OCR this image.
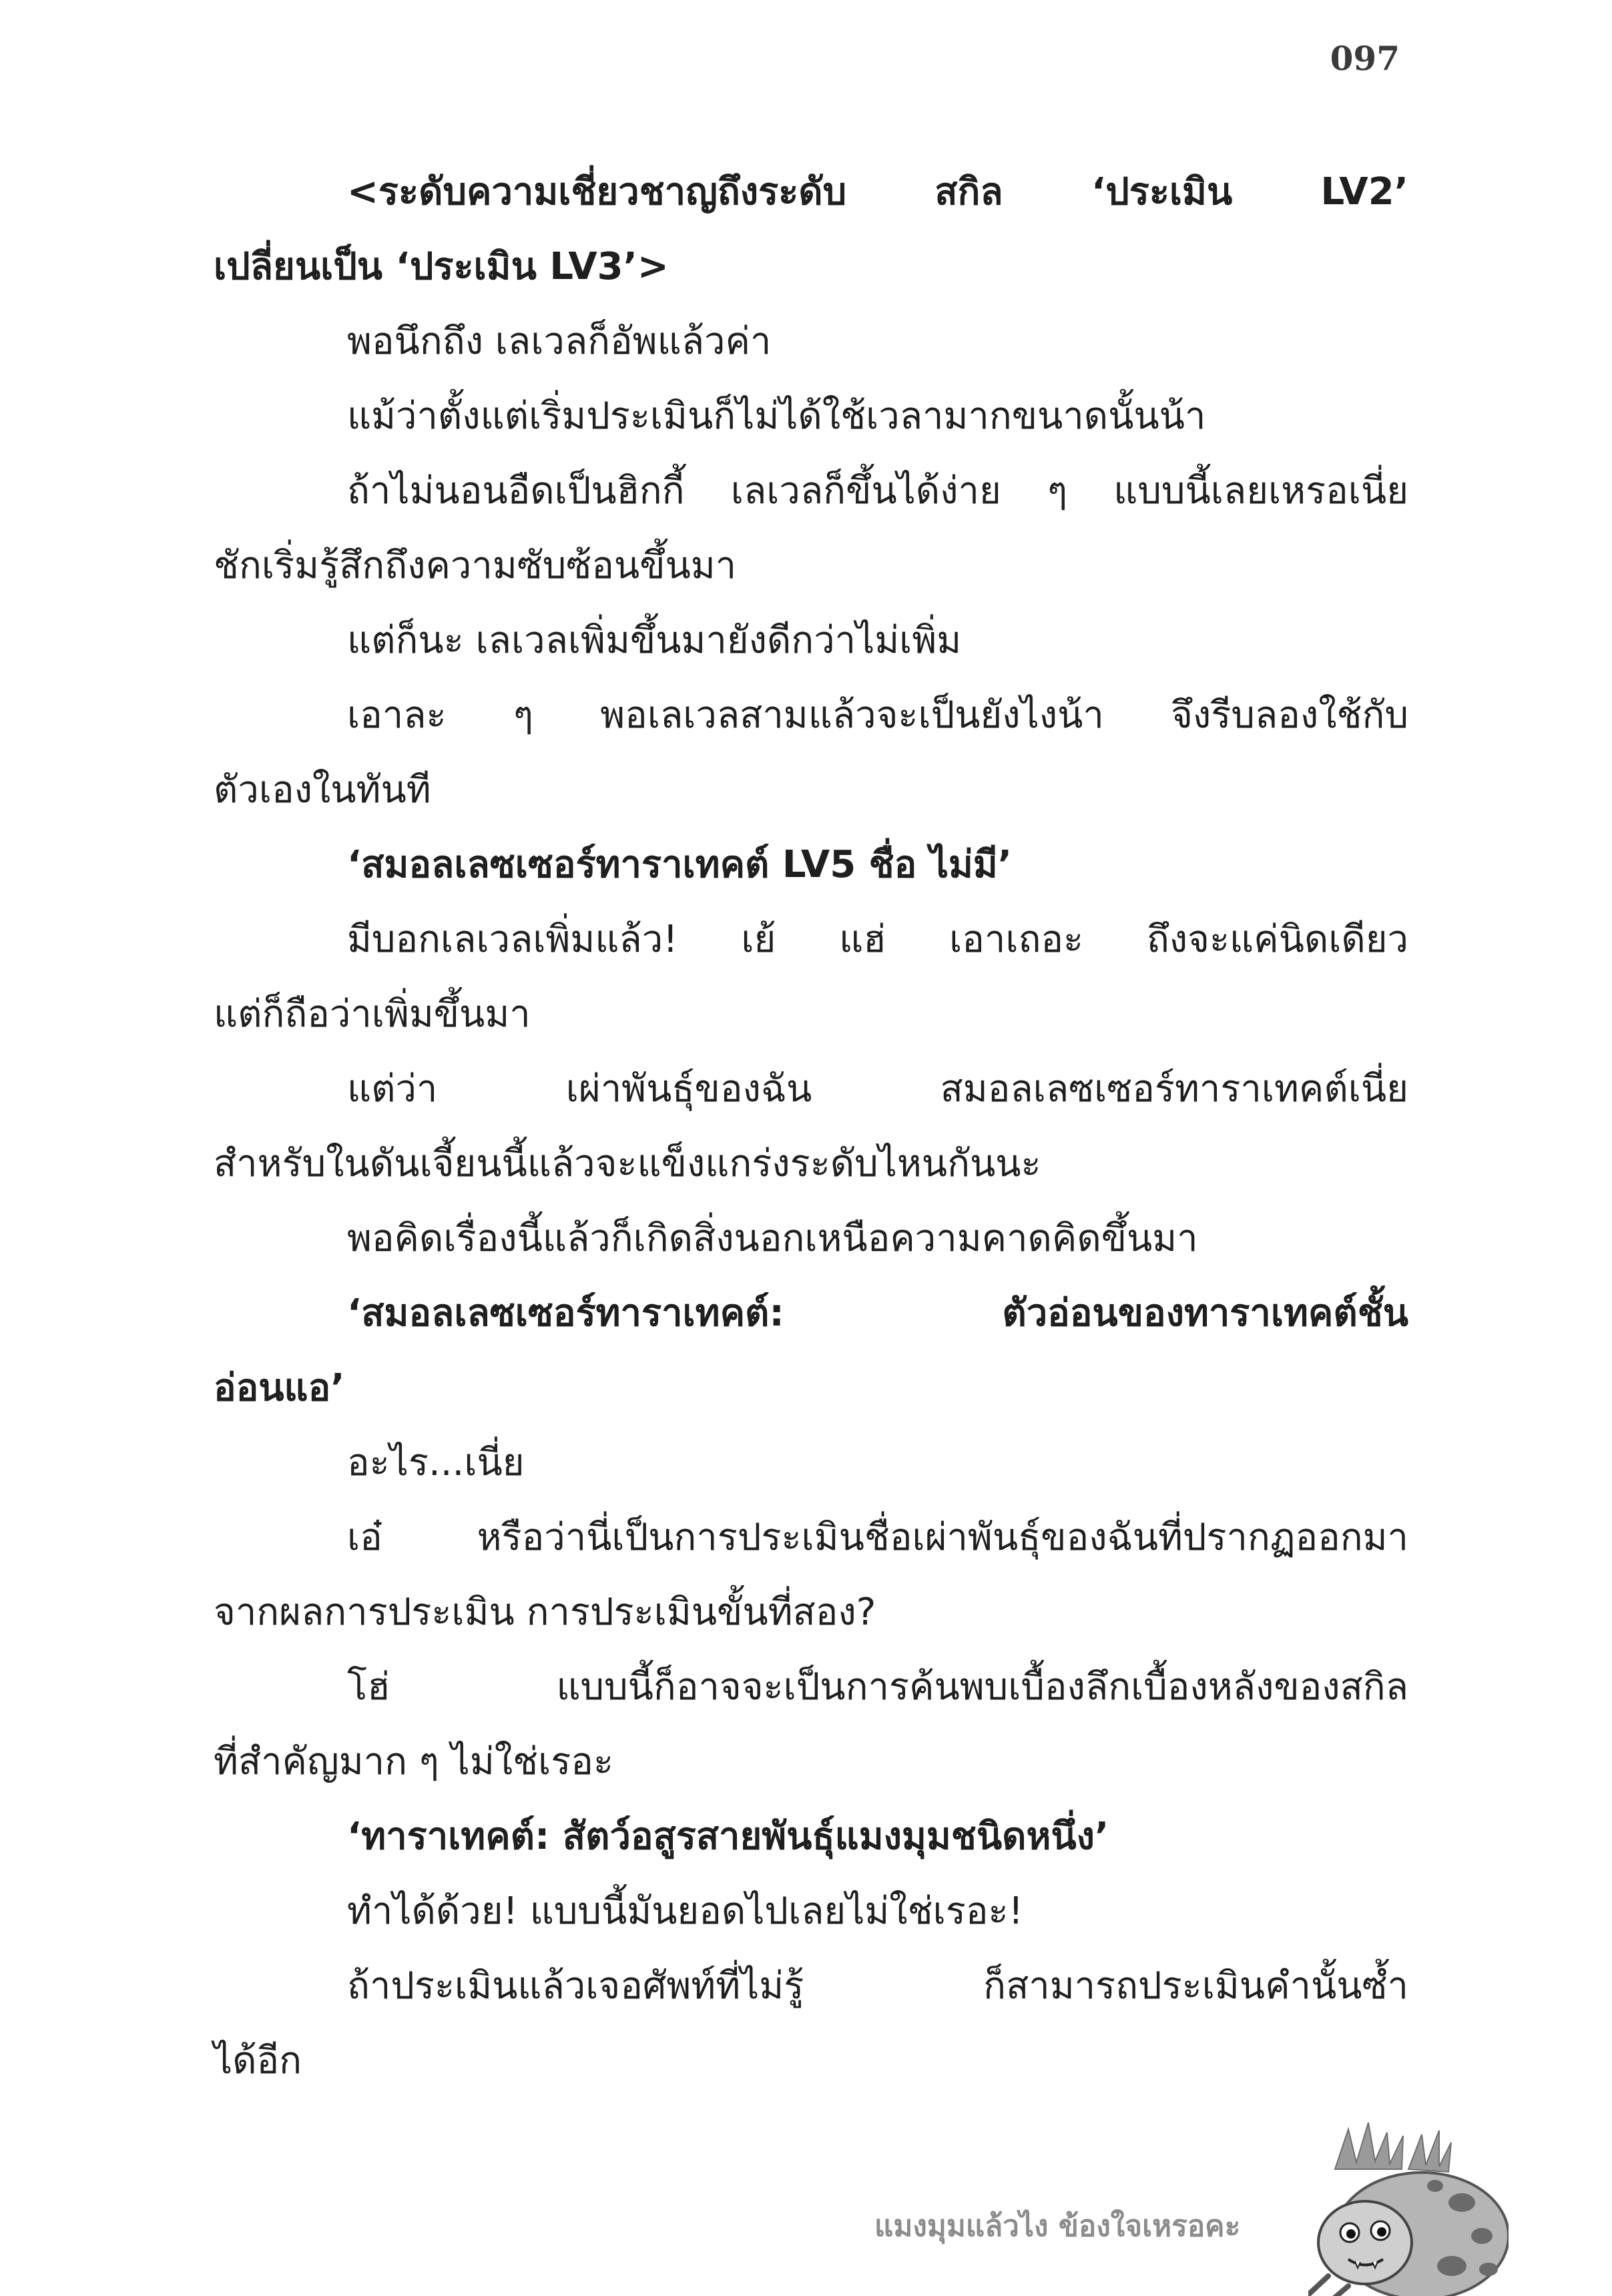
097
<ระดับความเชี่ยวชาญถึงระดับ สกิล ‘ประเมิน LV2’
เปลี่ยนเป็น ‘ประเมิน LV3’>
พอนึกถึง เลเวลก็อัพแล้วค่า
แม้ว่าตั้งแต่เริ่มประเมินก็ไม่ได้ใช้เวลามากขนาดนั้นน้า
ถ้าไม่นอนอืดเป็นฮิกกี้ เลเวลก็ขึ้นได้ง่าย ๆ แบบนี้เลยเหรอเนี่ย
ชักเริ่มรู้สึกถึงความซับซ้อนขึ้นมา
แต่ก็นะ เลเวลเพิ่มขึ้นมายังดีกว่าไม่เพิ่ม
เอาละ ๆ พอเลเวลสามแล้วจะเป็นยังไงน้า จึงรีบลองใช้กับ
ตัวเองในทันที
‘สมอลเลซเซอร์ทาราเทคต์ LV5 ชื่อ ไม่มี’
มีบอกเลเวลเพิ่มแล้ว! เย้ แฮ่ เอาเถอะ ถึงจะแค่นิดเดียว
แต่ก็ถือว่าเพิ่มขึ้นมา
แต่ว่า เผ่าพันธุ์ของฉัน สมอลเลซเซอร์ทาราเทคต์เนี่ย
สำหรับในดันเจี้ยนนี้แล้วจะแข็งแกร่งระดับไหนกันนะ
พอคิดเรื่องนี้แล้วก็เกิดสิ่งนอกเหนือความคาดคิดขึ้นมา
‘สมอลเลซเซอร์ทาราเทคต์: ตัวอ่อนของทาราเทคต์ชั้น
อ่อนแอ’
อะไร...เนี่ย
เอ๋ หรือว่านี่เป็นการประเมินชื่อเผ่าพันธุ์ของฉันที่ปรากฏออกมา
จากผลการประเมิน การประเมินขั้นที่สอง?
โฮ่ แบบนี้ก็อาจจะเป็นการค้นพบเบื้องลึกเบื้องหลังของสกิล
ที่สำคัญมาก ๆ ไม่ใช่เรอะ
‘ทาราเทคต์: สัตว์อสูรสายพันธุ์แมงมุมชนิดหนึ่ง’
ทำได้ด้วย! แบบนี้มันยอดไปเลยไม่ใช่เรอะ!
ถ้าประเมินแล้วเจอศัพท์ที่ไม่รู้ ก็สามารถประเมินคำนั้นซ้ำ
ได้อีก
แมงมุมแล้วไง ข้องใจเหรอคะ
